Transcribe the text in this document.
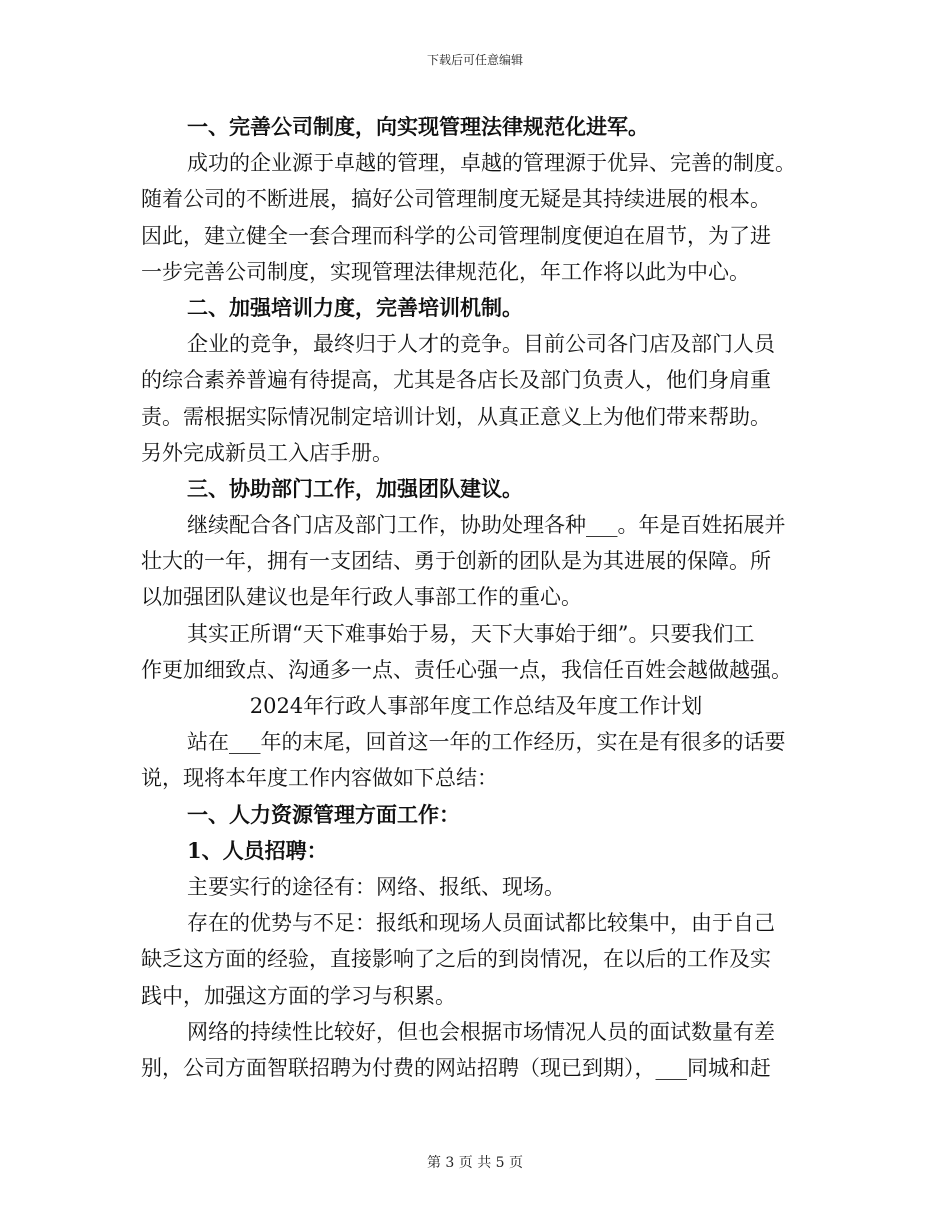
下载后可任意编辑
一、完善公司制度，向实现管理法律规范化进军。
成功的企业源于卓越的管理，卓越的管理源于优异、完善的制度。
随着公司的不断进展，搞好公司管理制度无疑是其持续进展的根本。
因此，建立健全一套合理而科学的公司管理制度便迫在眉节，为了进
一步完善公司制度，实现管理法律规范化，年工作将以此为中心。
二、加强培训力度，完善培训机制。
企业的竞争，最终归于人才的竞争。目前公司各门店及部门人员
的综合素养普遍有待提高，尤其是各店长及部门负责人，他们身肩重
责。需根据实际情况制定培训计划，从真正意义上为他们带来帮助。
另外完成新员工入店手册。
三、协助部门工作，加强团队建议。
继续配合各门店及部门工作，协助处理各种___。年是百姓拓展并
壮大的一年，拥有一支团结、勇于创新的团队是为其进展的保障。所
以加强团队建议也是年行政人事部工作的重心。
其实正所谓“天下难事始于易，天下大事始于细”。只要我们工
作更加细致点、沟通多一点、责任心强一点，我信任百姓会越做越强。
2024年行政人事部年度工作总结及年度工作计划
站在___年的末尾，回首这一年的工作经历，实在是有很多的话要
说，现将本年度工作内容做如下总结：
一、人力资源管理方面工作：
1、人员招聘：
主要实行的途径有：网络、报纸、现场。
存在的优势与不足：报纸和现场人员面试都比较集中，由于自己
缺乏这方面的经验，直接影响了之后的到岗情况，在以后的工作及实
践中，加强这方面的学习与积累。
网络的持续性比较好，但也会根据市场情况人员的面试数量有差
别，公司方面智联招聘为付费的网站招聘（现已到期），___同城和赶
第 3 页 共 5 页
